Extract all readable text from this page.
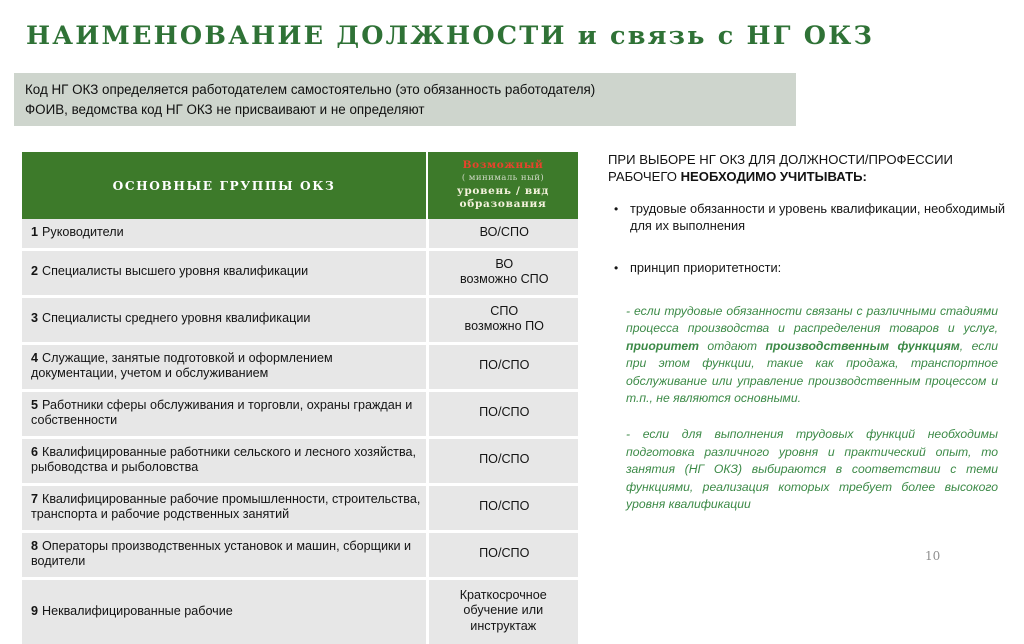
НАИМЕНОВАНИЕ ДОЛЖНОСТИ и связь с НГ ОКЗ
Код НГ ОКЗ определяется работодателем самостоятельно (это обязанность работодателя)
ФОИВ, ведомства код НГ ОКЗ не присваивают и не определяют
ОСНОВНЫЕ ГРУППЫ ОКЗ	Возможный
( минималь ный)
уровень / вид
образования

1 Руководители	ВО/СПО
2 Специалисты высшего уровня квалификации	ВО
возможно СПО
3 Специалисты среднего уровня квалификации	СПО
возможно ПО
4 Служащие, занятые подготовкой и оформлением документации, учетом и обслуживанием	ПО/СПО
5 Работники сферы обслуживания и торговли, охраны граждан и собственности	ПО/СПО
6 Квалифицированные работники сельского и лесного хозяйства, рыбоводства и рыболовства	ПО/СПО
7 Квалифицированные рабочие промышленности, строительства, транспорта и рабочие родственных занятий	ПО/СПО
8 Операторы производственных установок и машин, сборщики и водители	ПО/СПО
9 Неквалифицированные рабочие	Краткосрочное
обучение или
инструктаж
ПРИ ВЫБОРЕ НГ ОКЗ ДЛЯ ДОЛЖНОСТИ/ПРОФЕССИИ РАБОЧЕГО НЕОБХОДИМО УЧИТЫВАТЬ:
• трудовые обязанности и уровень квалификации, необходимый для их выполнения
• принцип приоритетности:

- если трудовые обязанности связаны с различными стадиями процесса производства и распределения товаров и услуг, приоритет отдают производственным функциям, если при этом функции, такие как продажа, транспортное обслуживание или управление производственным процессом и т.п., не являются основными.

- если для выполнения трудовых функций необходимы подготовка различного уровня и практический опыт, то занятия (НГ ОКЗ) выбираются в соответствии с теми функциями, реализация которых требует более высокого уровня квалификации

10
